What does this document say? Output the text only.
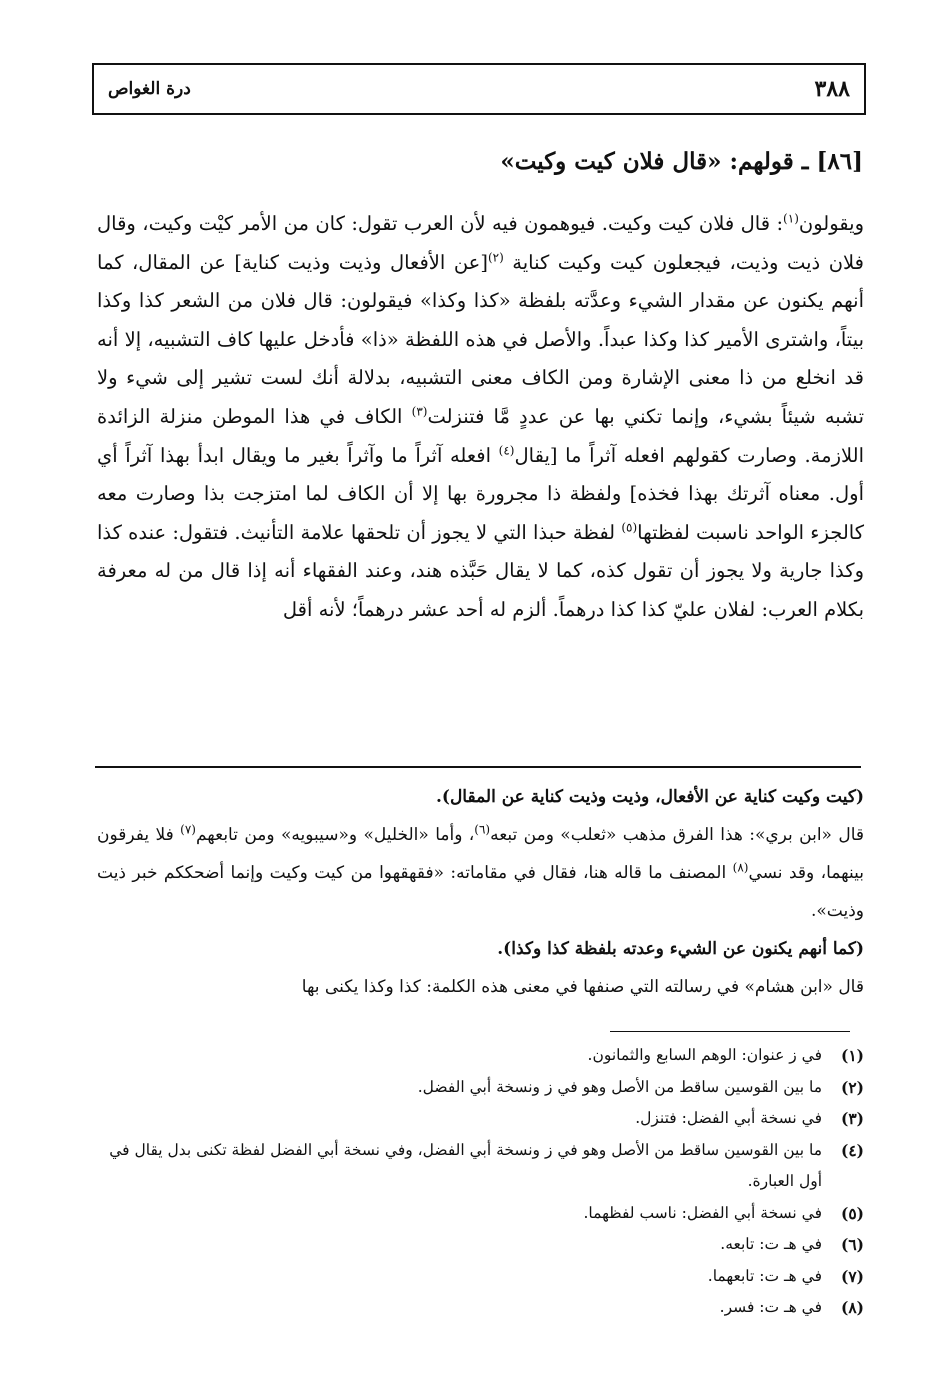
٣٨٨
درة الغواص
[٨٦] ـ قولهم: «قال فلان كيت وكيت»
ويقولون$^{(١)}$: قال فلان كيت وكيت. فيوهمون فيه لأن العرب تقول: كان من الأمر كيْت وكيت، وقال فلان ذيت وذيت، فيجعلون كيت وكيت كناية $^{(٢)}$[عن الأفعال وذيت وذيت كناية] عن المقال، كما أنهم يكنون عن مقدار الشيء وعدَّته بلفظة «كذا وكذا» فيقولون: قال فلان من الشعر كذا وكذا بيتاً، واشترى الأمير كذا وكذا عبداً. والأصل في هذه اللفظة «ذا» فأدخل عليها كاف التشبيه، إلا أنه قد انخلع من ذا معنى الإشارة ومن الكاف معنى التشبيه، بدلالة أنك لست تشير إلى شيء ولا تشبه شيئاً بشيء، وإنما تكني بها عن عددٍ مَّا فتنزلت$^{(٣)}$ الكاف في هذا الموطن منزلة الزائدة اللازمة. وصارت كقولهم افعله آثراً ما [يقال$^{(٤)}$ افعله آثراً ما وآثراً بغير ما ويقال ابدأ بهذا آثراً أي أول. معناه آثرتك بهذا فخذه] ولفظة ذا مجرورة بها إلا أن الكاف لما امتزجت بذا وصارت معه كالجزء الواحد ناسبت لفظتها$^{(٥)}$ لفظة حبذا التي لا يجوز أن تلحقها علامة التأنيث. فتقول: عنده كذا وكذا جارية ولا يجوز أن تقول كذه، كما لا يقال حَبَّذه هند، وعند الفقهاء أنه إذا قال من له معرفة بكلام العرب: لفلان عليّ كذا كذا درهماً. ألزم له أحد عشر درهماً؛ لأنه أقل

(كيت وكيت كناية عن الأفعال، وذيت وذيت كناية عن المقال).

قال «ابن بري»: هذا الفرق مذهب «ثعلب» ومن تبعه$^{(٦)}$، وأما «الخليل» و«سيبويه» ومن تابعهم$^{(٧)}$ فلا يفرقون بينهما، وقد نسي$^{(٨)}$ المصنف ما قاله هنا، فقال في مقاماته: «فقهقهوا من كيت وكيت وإنما أضحككم خبر ذيت وذيت».

(كما أنهم يكنون عن الشيء وعدته بلفظة كذا وكذا).

قال «ابن هشام» في رسالته التي صنفها في معنى هذه الكلمة: كذا وكذا يكنى بها

(١)
في ز عنوان: الوهم السابع والثمانون.
(٢)
ما بين القوسين ساقط من الأصل وهو في ز ونسخة أبي الفضل.
(٣)
في نسخة أبي الفضل: فتنزل.
(٤)
ما بين القوسين ساقط من الأصل وهو في ز ونسخة أبي الفضل، وفي نسخة أبي الفضل لفظة تكنى بدل يقال في أول العبارة.
(٥)
في نسخة أبي الفضل: ناسب لفظهما.
(٦)
في هـ ت: تابعه.
(٧)
في هـ ت: تابعهما.
(٨)
في هـ ت: فسر.
